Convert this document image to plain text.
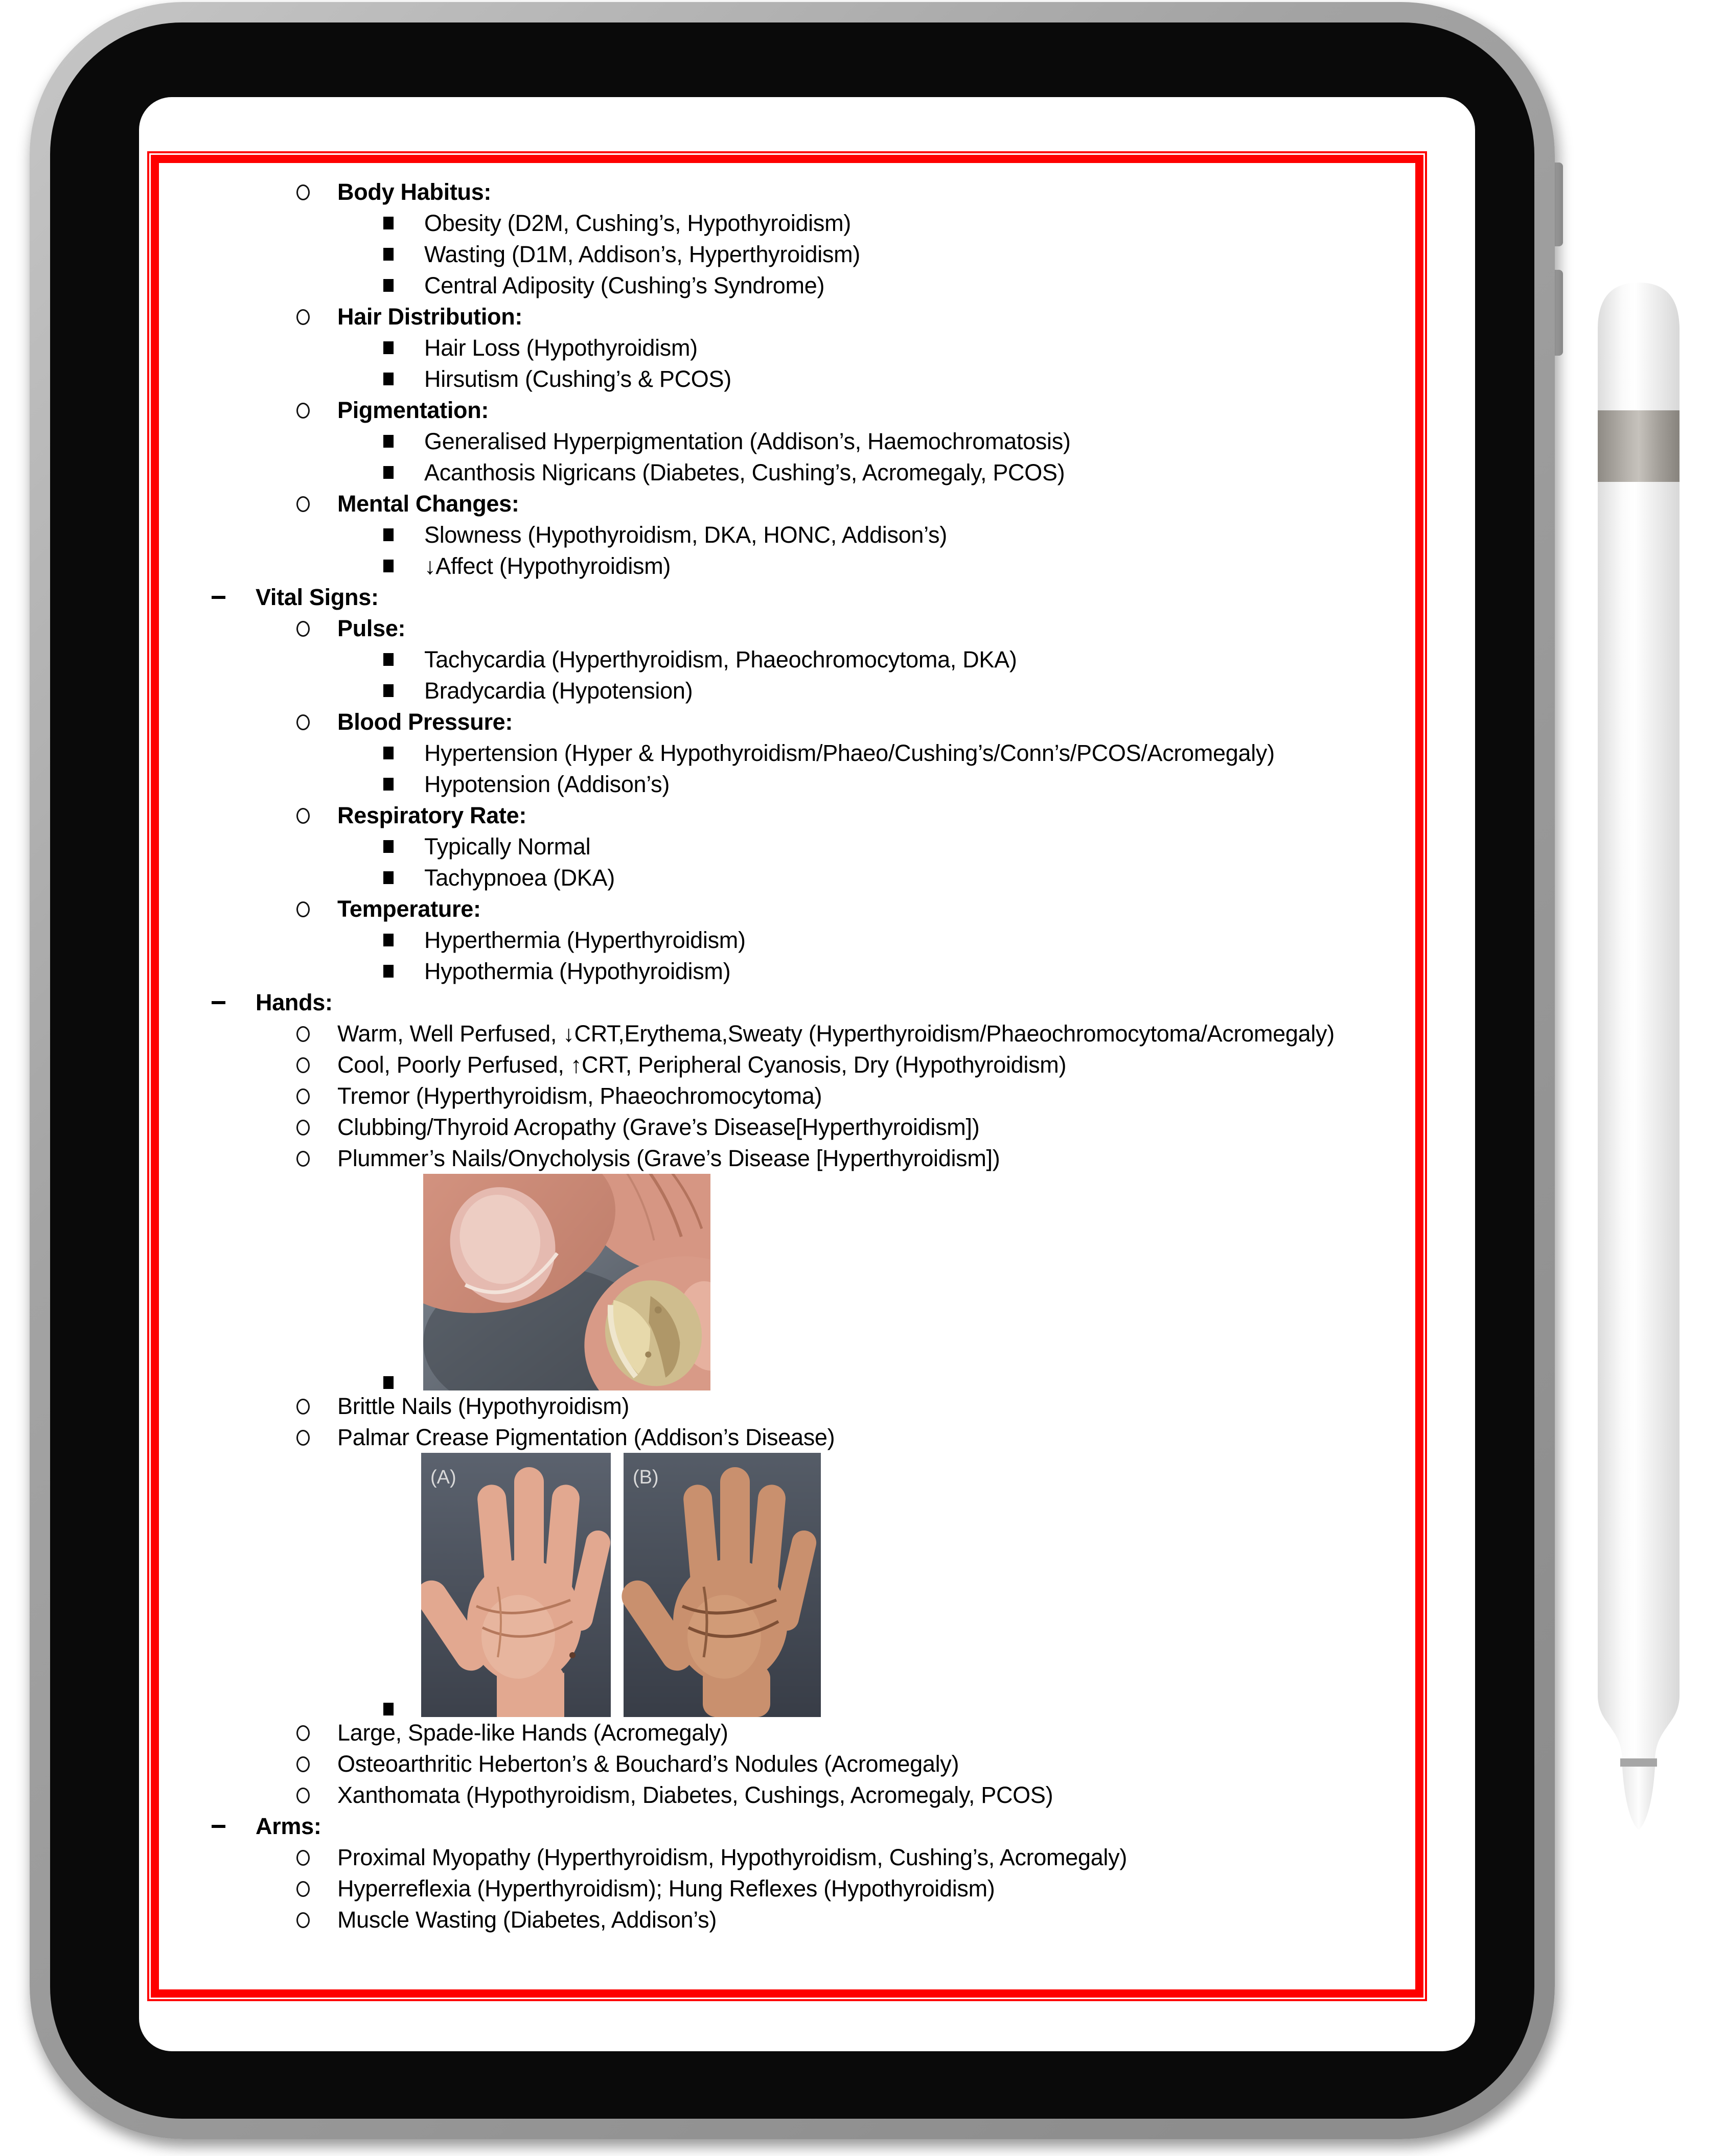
(A)	(B)
Body Habitus:
Obesity (D2M, Cushing’s, Hypothyroidism)
Wasting (D1M, Addison’s, Hyperthyroidism)
Central Adiposity (Cushing’s Syndrome)
Hair Distribution:
Hair Loss (Hypothyroidism)
Hirsutism (Cushing’s & PCOS)
Pigmentation:
Generalised Hyperpigmentation (Addison’s, Haemochromatosis)
Acanthosis Nigricans (Diabetes, Cushing’s, Acromegaly, PCOS)
Mental Changes:
Slowness (Hypothyroidism, DKA, HONC, Addison’s)
↓Affect (Hypothyroidism)
Vital Signs:
Pulse:
Tachycardia (Hyperthyroidism, Phaeochromocytoma, DKA)
Bradycardia (Hypotension)
Blood Pressure:
Hypertension (Hyper & Hypothyroidism/Phaeo/Cushing’s/Conn’s/PCOS/Acromegaly)
Hypotension (Addison’s)
Respiratory Rate:
Typically Normal
Tachypnoea (DKA)
Temperature:
Hyperthermia (Hyperthyroidism)
Hypothermia (Hypothyroidism)
Hands:
Warm, Well Perfused, ↓CRT,Erythema,Sweaty (Hyperthyroidism/Phaeochromocytoma/Acromegaly)
Cool, Poorly Perfused, ↑CRT, Peripheral Cyanosis, Dry (Hypothyroidism)
Tremor (Hyperthyroidism, Phaeochromocytoma)
Clubbing/Thyroid Acropathy (Grave’s Disease[Hyperthyroidism])
Plummer’s Nails/Onycholysis (Grave’s Disease [Hyperthyroidism])
Brittle Nails (Hypothyroidism)
Palmar Crease Pigmentation (Addison’s Disease)
Large, Spade-like Hands (Acromegaly)
Osteoarthritic Heberton’s & Bouchard’s Nodules (Acromegaly)
Xanthomata (Hypothyroidism, Diabetes, Cushings, Acromegaly, PCOS)
Arms:
Proximal Myopathy (Hyperthyroidism, Hypothyroidism, Cushing’s, Acromegaly)
Hyperreflexia (Hyperthyroidism); Hung Reflexes (Hypothyroidism)
Muscle Wasting (Diabetes, Addison’s)
